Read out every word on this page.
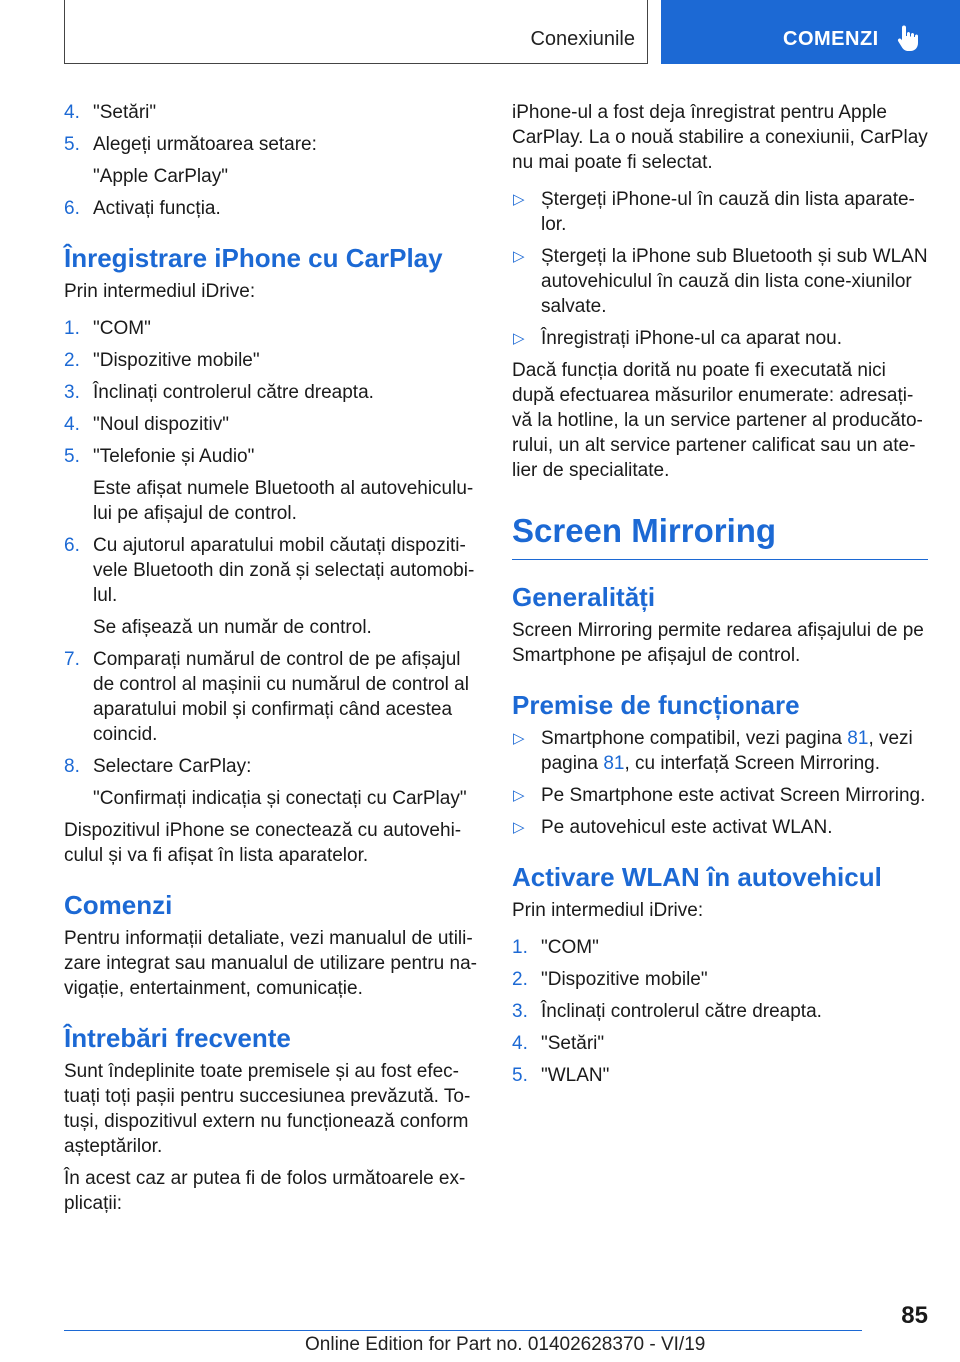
Conexiunile	COMENZI
4. "Setări"
5. Alegeți următoarea setare:
"Apple CarPlay"
6. Activați funcția.
Înregistrare iPhone cu CarPlay

Prin intermediul iDrive:

1. "COM"
2. "Dispozitive mobile"
3. Înclinați controlerul către dreapta.
4. "Noul dispozitiv"
5. "Telefonie și Audio"
Este afișat numele Bluetooth al autovehiculu-lui pe afișajul de control.
6. Cu ajutorul aparatului mobil căutați dispoziti-vele Bluetooth din zonă și selectați automobi-lul.
Se afișează un număr de control.
7. Comparați numărul de control de pe afișajul de control al mașinii cu numărul de control al aparatului mobil și confirmați când acestea coincid.
8. Selectare CarPlay:
"Confirmați indicația și conectați cu CarPlay"

Dispozitivul iPhone se conectează cu autovehi-culul și va fi afișat în lista aparatelor.

Comenzi

Pentru informații detaliate, vezi manualul de utili-zare integrat sau manualul de utilizare pentru na-vigație, entertainment, comunicație.

Întrebări frecvente

Sunt îndeplinite toate premisele și au fost efec-tuați toți pașii pentru succesiunea prevăzută. To-tuși, dispozitivul extern nu funcționează conform așteptărilor.

În acest caz ar putea fi de folos următoarele ex-plicații:

iPhone-ul a fost deja înregistrat pentru Apple CarPlay. La o nouă stabilire a conexiunii, CarPlay nu mai poate fi selectat.

▷ Ștergeți iPhone-ul în cauză din lista aparate-lor.
▷ Ștergeți la iPhone sub Bluetooth și sub WLAN autovehiculul în cauză din lista cone-xiunilor salvate.
▷ Înregistrați iPhone-ul ca aparat nou.

Dacă funcția dorită nu poate fi executată nici după efectuarea măsurilor enumerate: adresați-vă la hotline, la un service partener al producăto-rului, un alt service partener calificat sau un ate-lier de specialitate.

Screen Mirroring
Generalități

Screen Mirroring permite redarea afișajului de pe Smartphone pe afișajul de control.

Premise de funcționare
▷ Smartphone compatibil, vezi pagina 81, vezi pagina 81, cu interfață Screen Mirroring.
▷ Pe Smartphone este activat Screen Mirroring.
▷ Pe autovehicul este activat WLAN.
Activare WLAN în autovehicul

Prin intermediul iDrive:

1. "COM"
2. "Dispozitive mobile"
3. Înclinați controlerul către dreapta.
4. "Setări"
5. "WLAN"
85
Online Edition for Part no. 01402628370 - VI/19
